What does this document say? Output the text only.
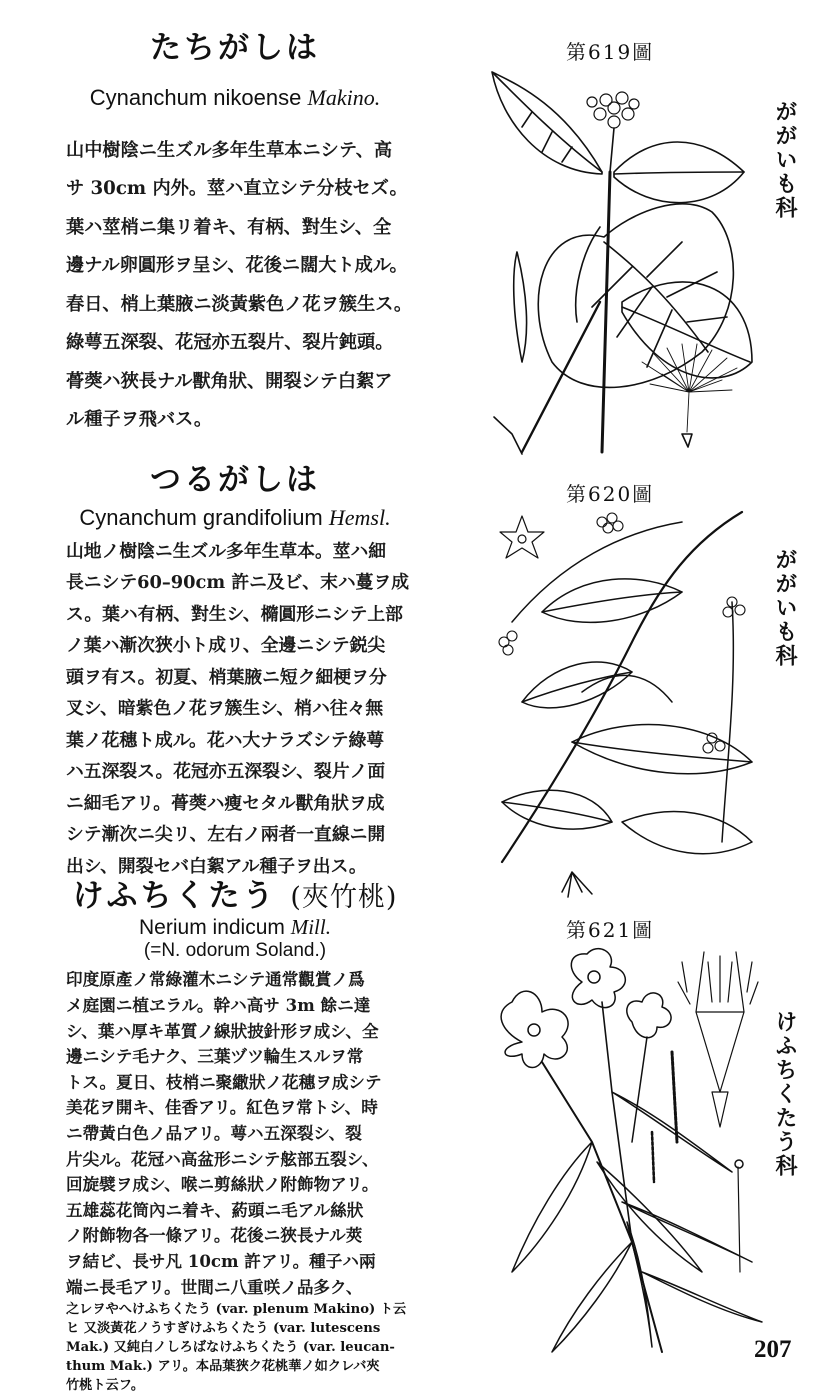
たちがしは
Cynanchum nikoense Makino.
山中樹陰ニ生ズル多年生草本ニシテ、高
サ 30cm 内外。莖ハ直立シテ分枝セズ。
葉ハ莖梢ニ集リ着キ、有柄、對生シ、全
邊ナル卵圓形ヲ呈シ、花後ニ闊大ト成ル。
春日、梢上葉腋ニ淡黃紫色ノ花ヲ簇生ス。
綠萼五深裂、花冠亦五裂片、裂片鈍頭。
蓇葖ハ狹長ナル獸角狀、開裂シテ白絮ア
ル種子ヲ飛バス。
つるがしは
Cynanchum grandifolium Hemsl.
山地ノ樹陰ニ生ズル多年生草本。莖ハ細
長ニシテ60–90cm 許ニ及ビ、末ハ蔓ヲ成
ス。葉ハ有柄、對生シ、橢圓形ニシテ上部
ノ葉ハ漸次狹小ト成リ、全邊ニシテ鋭尖
頭ヲ有ス。初夏、梢葉腋ニ短ク細梗ヲ分
叉シ、暗紫色ノ花ヲ簇生シ、梢ハ往々無
葉ノ花穗ト成ル。花ハ大ナラズシテ綠萼
ハ五深裂ス。花冠亦五深裂シ、裂片ノ面
ニ細毛アリ。蓇葖ハ瘦セタル獸角狀ヲ成
シテ漸次ニ尖リ、左右ノ兩者一直線ニ開
出シ、開裂セバ白絮アル種子ヲ出ス。
けふちくたう (夾竹桃)
Nerium indicum Mill.
(=N. odorum Soland.)
印度原產ノ常綠灌木ニシテ通常觀賞ノ爲
メ庭園ニ植ヱラル。幹ハ高サ 3m 餘ニ達
シ、葉ハ厚キ革質ノ線狀披針形ヲ成シ、全
邊ニシテ毛ナク、三葉ヅツ輪生スルヲ常
トス。夏日、枝梢ニ聚繖狀ノ花穗ヲ成シテ
美花ヲ開キ、佳香アリ。紅色ヲ常トシ、時
ニ帶黃白色ノ品アリ。萼ハ五深裂シ、裂
片尖ル。花冠ハ高盆形ニシテ舷部五裂シ、
回旋襞ヲ成シ、喉ニ剪絲狀ノ附飾物アリ。
五雄蕊花筒內ニ着キ、葯頭ニ毛アル絲狀
ノ附飾物各一條アリ。花後ニ狹長ナル莢
ヲ結ビ、長サ凡 10cm 許アリ。種子ハ兩
端ニ長毛アリ。世間ニ八重咲ノ品多ク、
之レヲやへけふちくたう (var. plenum Makino) ト云
ヒ 又淡黃花ノうすぎけふちくたう (var. lutescens
Mak.) 又純白ノしろばなけふちくたう (var. leucan-
thum Mak.) アリ。本品葉狹ク花桃華ノ如クレバ夾
竹桃ト云フ。
第619圖
第620圖
第621圖
ががいも科
ががいも科
けふちくたう科
207
